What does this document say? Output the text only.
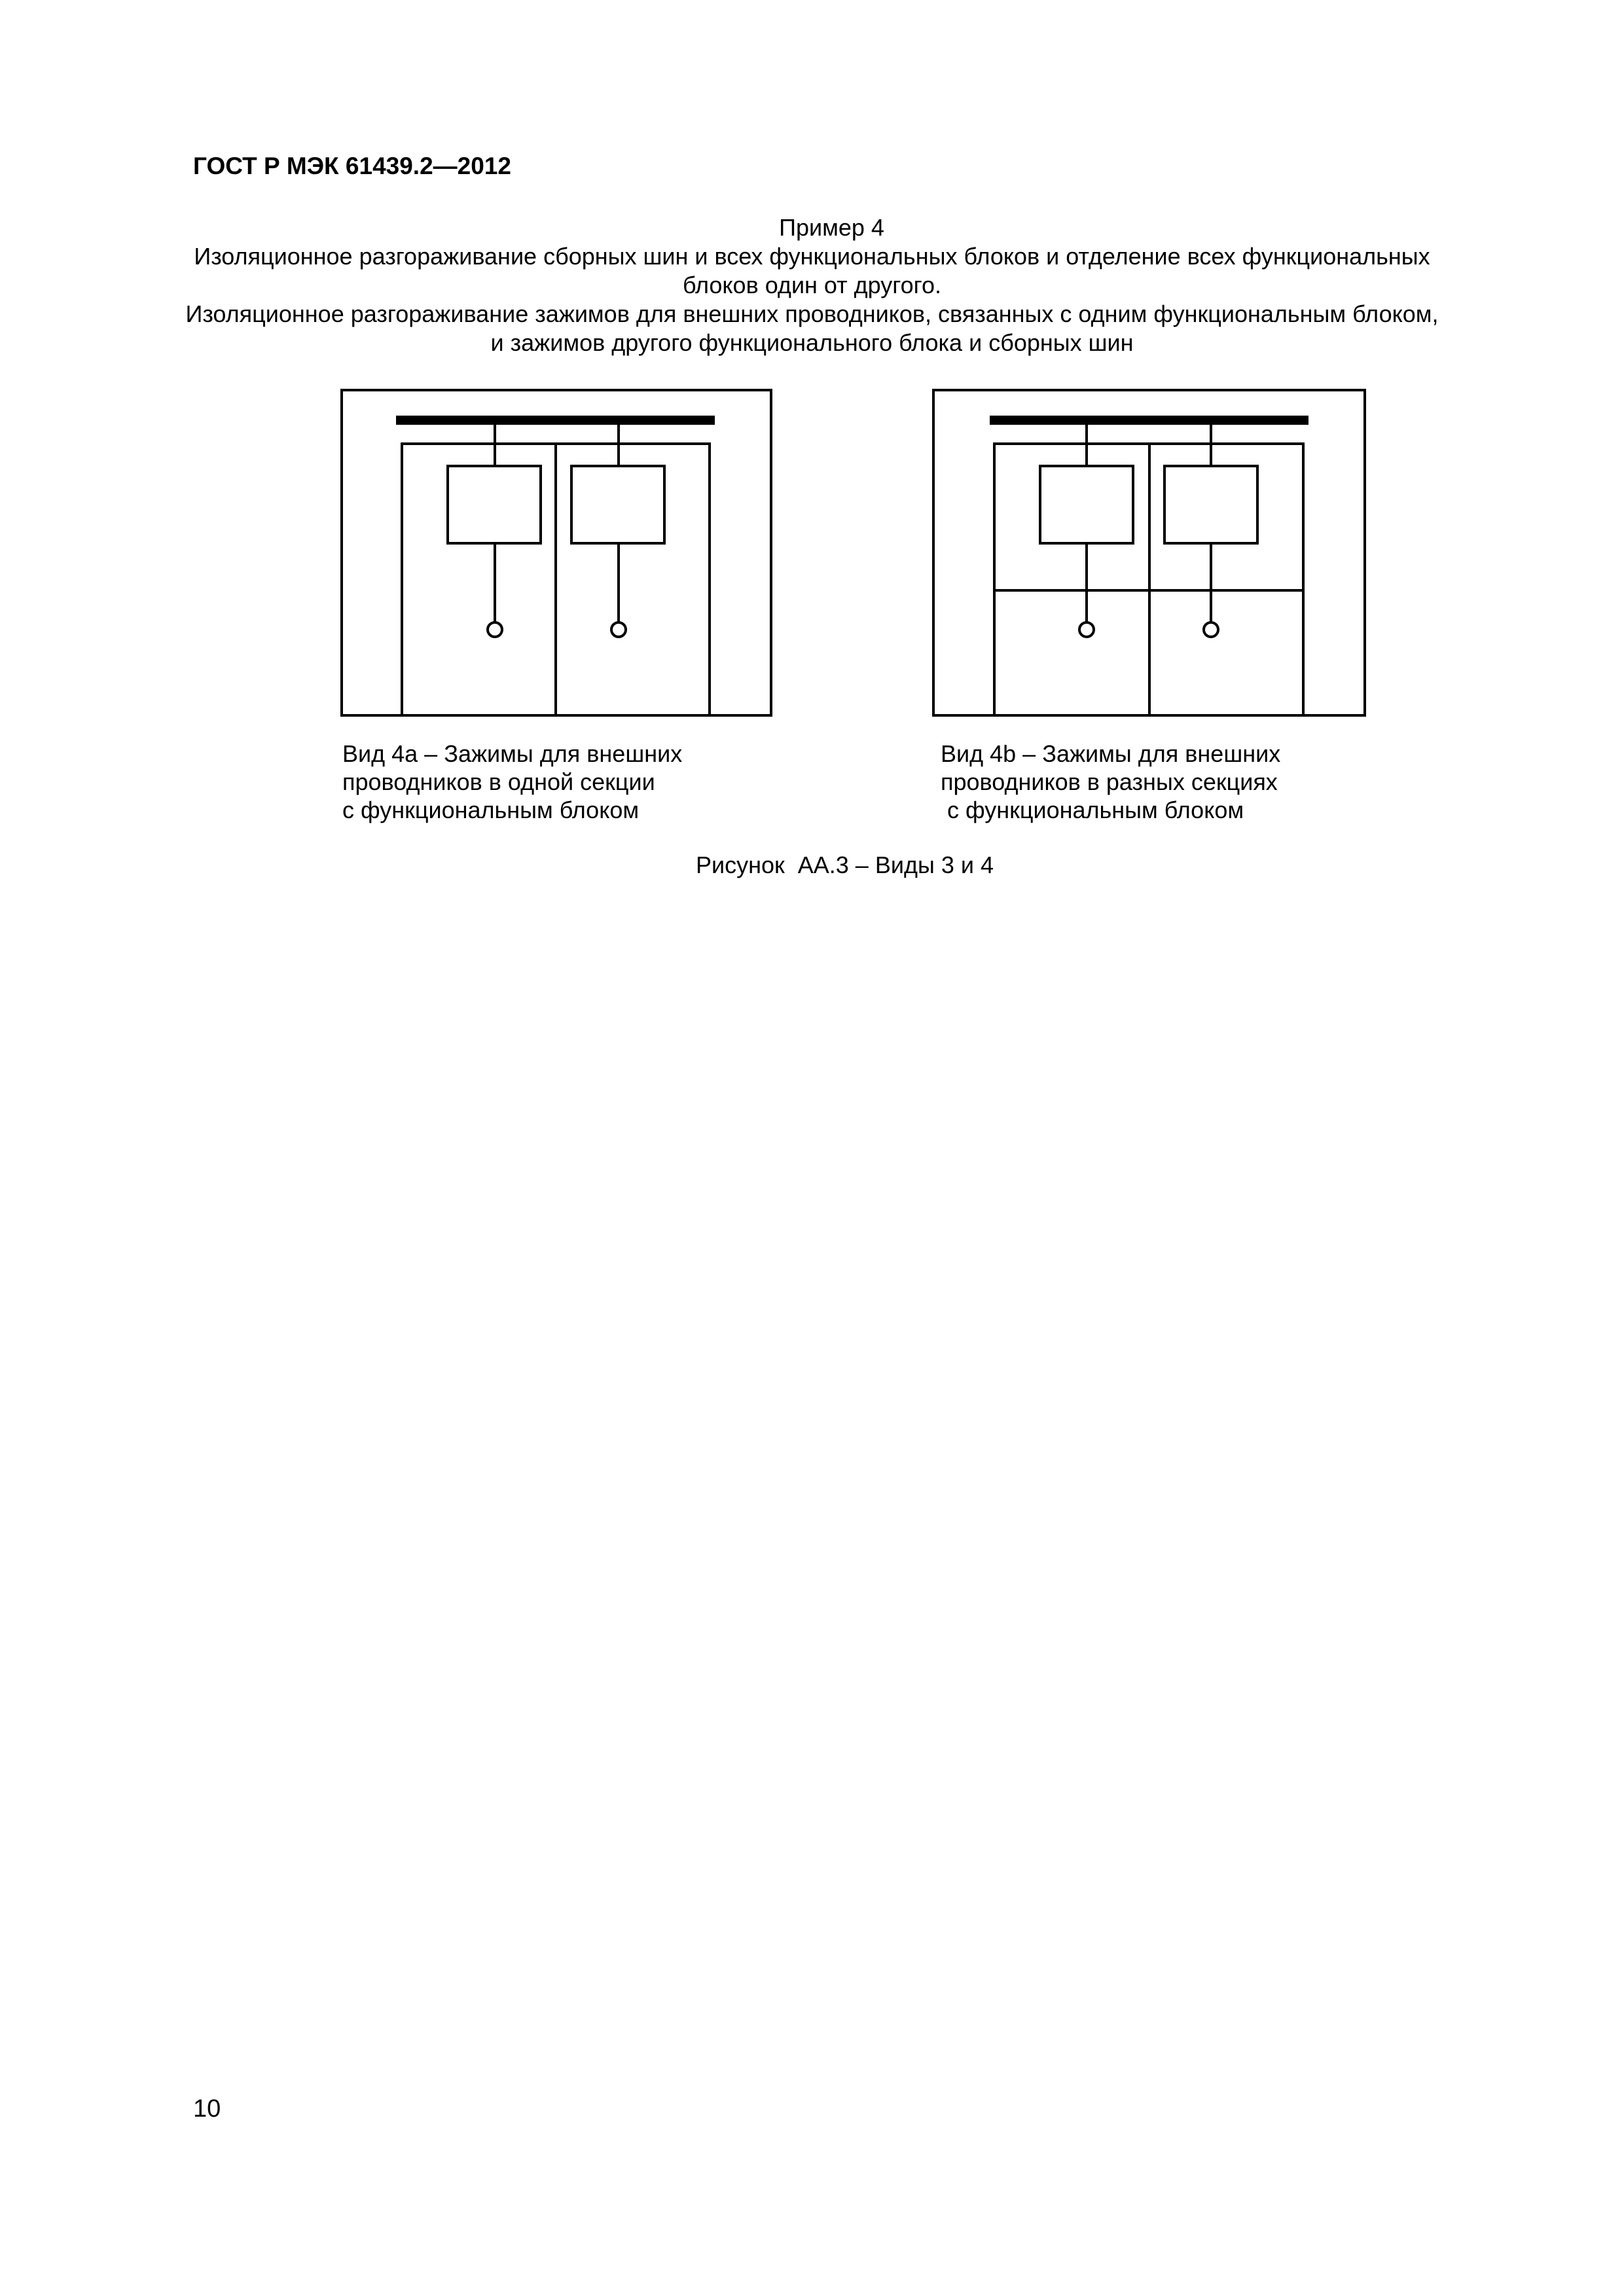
ГОСТ Р МЭК 61439.2—2012
Пример 4
Изоляционное разгораживание сборных шин и всех функциональных блоков и отделение всех функциональных
блоков один от другого.
Изоляционное разгораживание зажимов для внешних проводников, связанных с одним функциональным блоком,
и зажимов другого функционального блока и сборных шин
Вид 4a – Зажимы для внешних
проводников в одной секции
с функциональным блоком
Вид 4b – Зажимы для внешних
проводников в разных секциях
с функциональным блоком
Рисунок  AA.3 – Виды 3 и 4
10
